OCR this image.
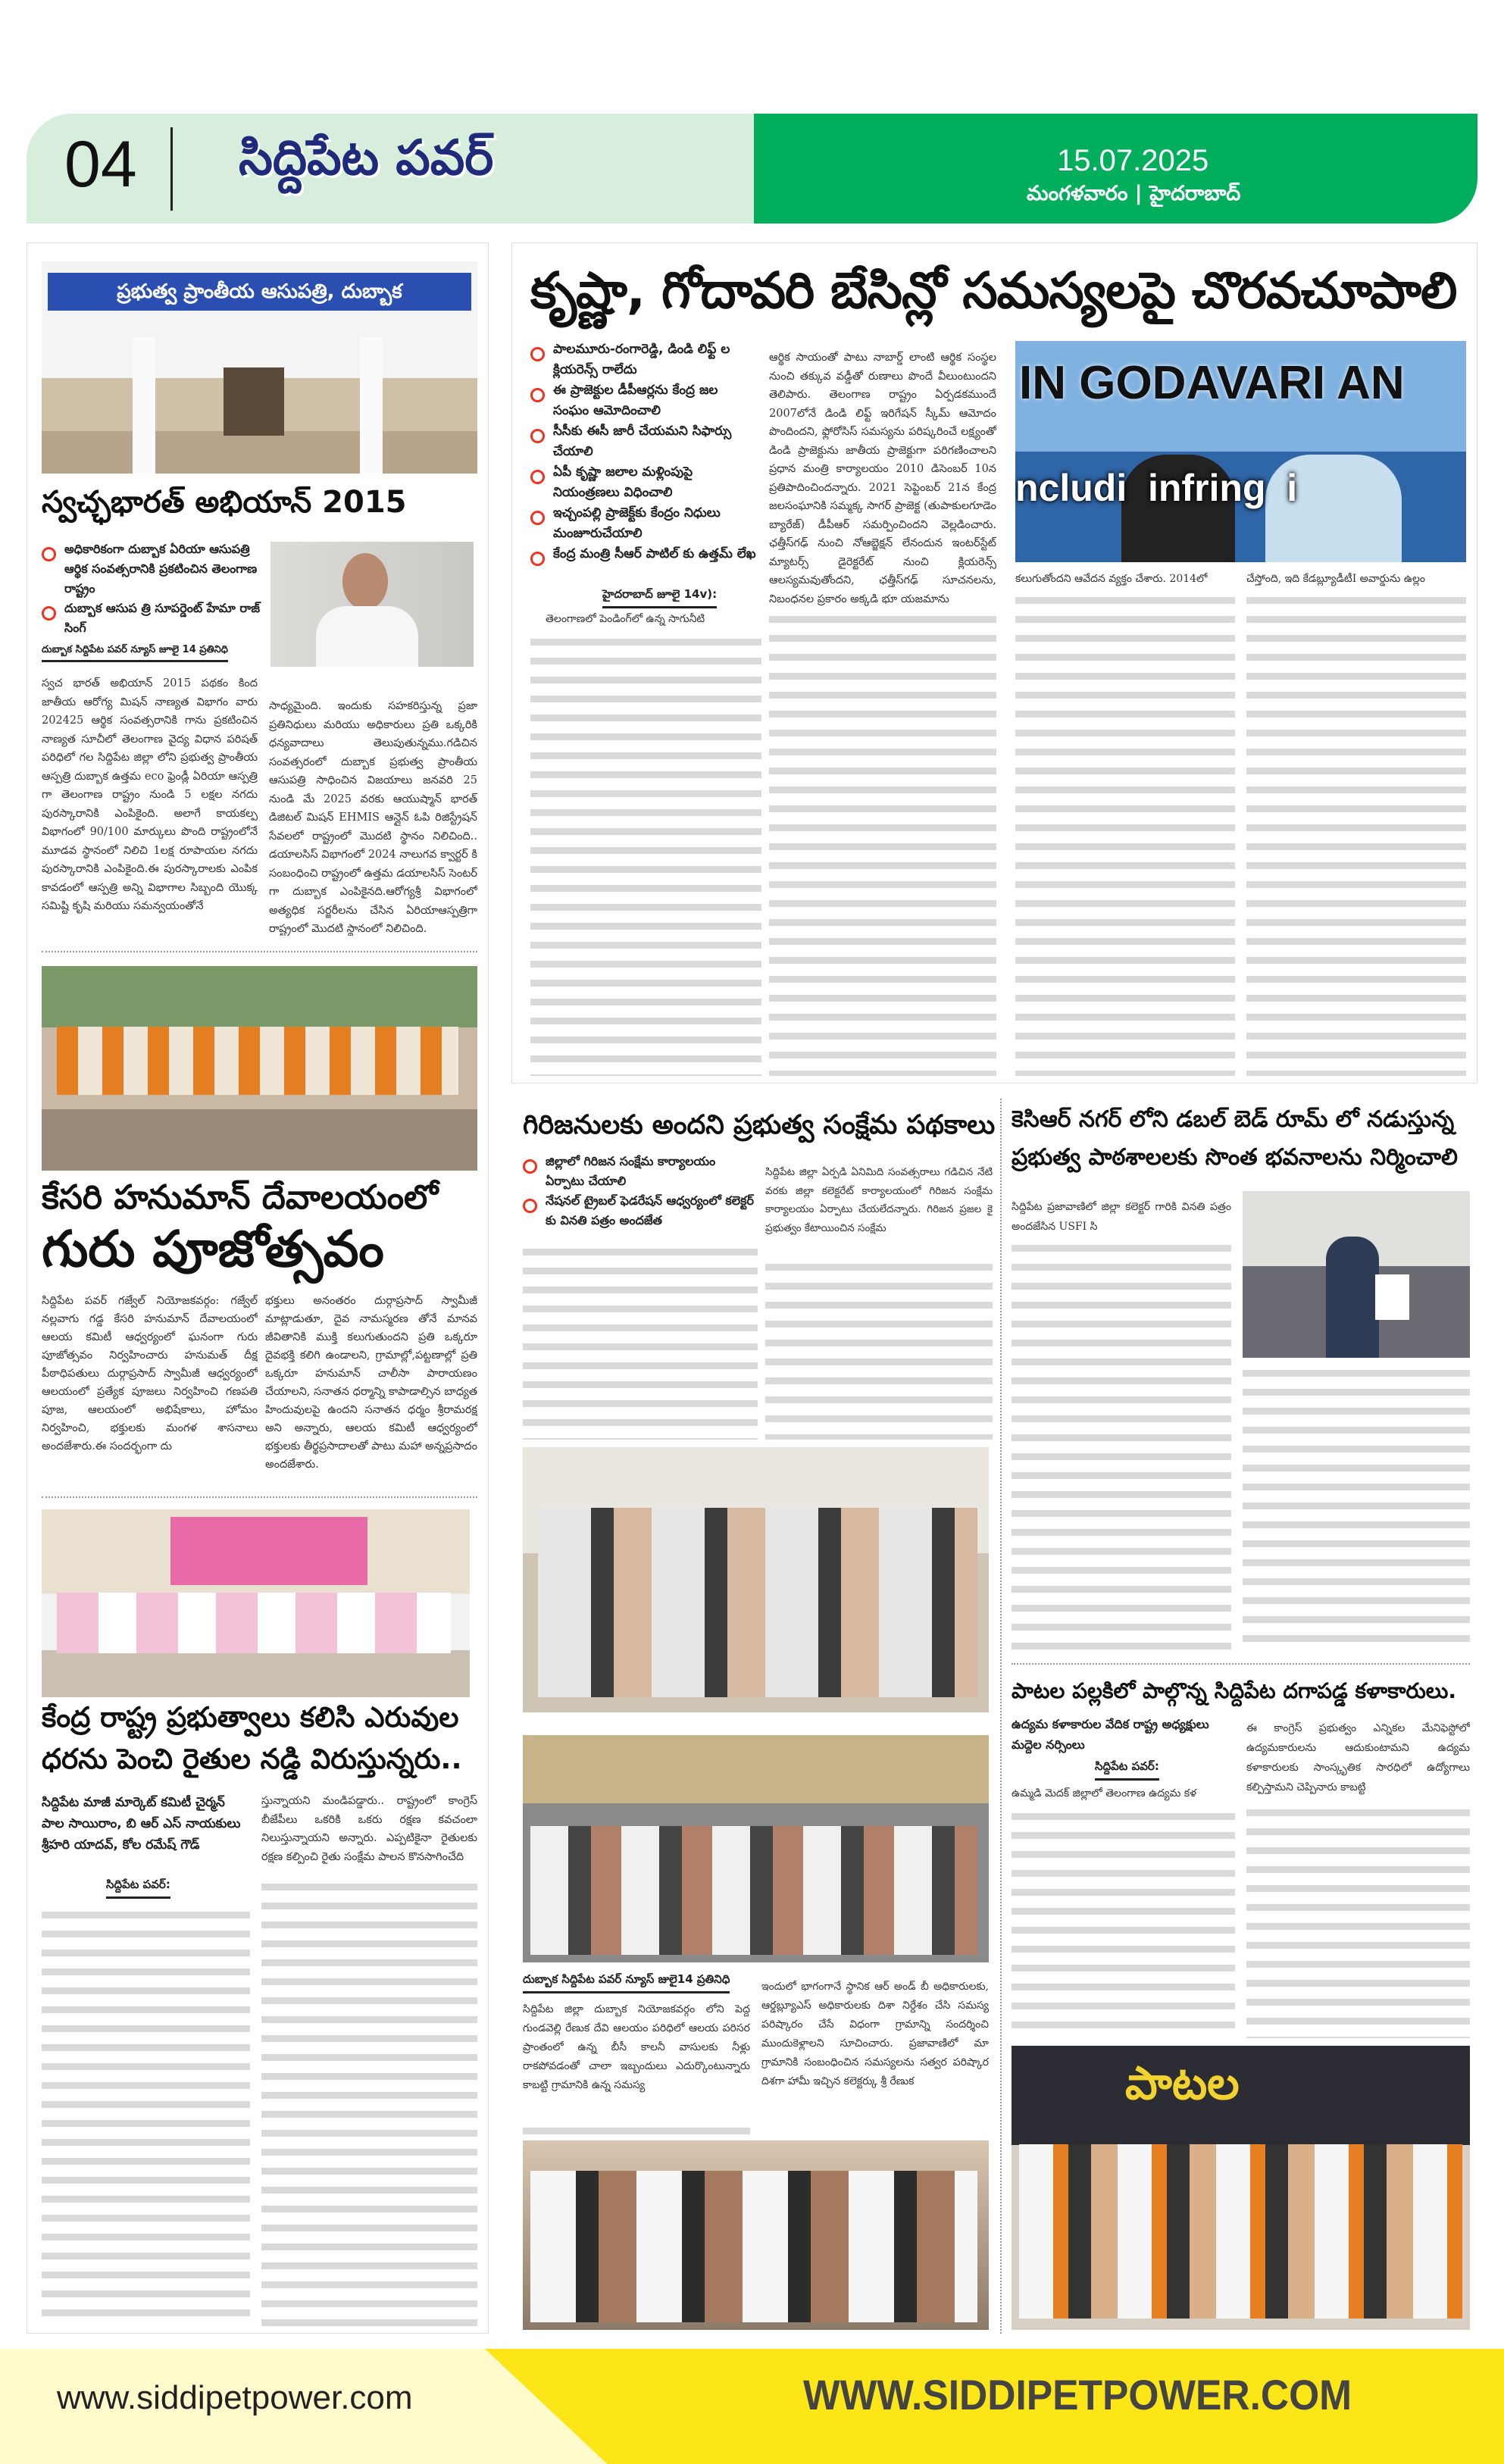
04 సిద్దిపేట పవర్	15.07.2025
మంగళవారం | హైదరాబాద్
ప్రభుత్వ ప్రాంతీయ ఆసుపత్రి, దుబ్బాక
స్వచ్ఛభారత్ అభియాన్ 2015
అధికారికంగా దుబ్బాక ఏరియా ఆసుపత్రి ఆర్థిక సంవత్సరానికి ప్రకటించిన తెలంగాణ రాష్ట్రం
దుబ్బాక ఆసుప త్రి సూపర్డెంట్ హేమా రాజ్ సింగ్
దుబ్బాక సిద్దిపేట పవర్ న్యూస్ జూలై 14 ప్రతినిధి
స్వచ భారత్ అభియాన్ 2015 పథకం కింద జాతీయ ఆరోగ్య మిషన్ నాణ్యత విభాగం వారు 202425 ఆర్థిక సంవత్సరానికి గాను ప్రకటించిన నాణ్యత సూచీలో తెలంగాణ వైద్య విధాన పరిషత్ పరిధిలో గల సిద్దిపేట జిల్లా లోని ప్రభుత్వ ప్రాంతీయ ఆస్పత్రి దుబ్బాక ఉత్తమ eco ఫ్రెండ్లీ ఏరియా ఆస్పత్రి గా తెలంగాణ రాష్ట్రం నుండి 5 లక్షల నగదు పురస్కారానికి ఎంపికైంది. అలాగే కాయకల్ప విభాగంలో 90/100 మార్కులు పొంది రాష్ట్రంలోనే మూడవ స్థానంలో నిలిచి 1లక్ష రూపాయల నగదు పురస్కారానికి ఎంపికైంది.ఈ పురస్కారాలకు ఎంపిక కావడంలో ఆస్పత్రి అన్ని విభాగాల సిబ్బంది యొక్క సమిష్టి కృషి మరియు సమన్వయంతోనే
సాధ్యమైంది. ఇందుకు సహకరిస్తున్న ప్రజా ప్రతినిధులు మరియు అధికారులు ప్రతి ఒక్కరికి ధన్యవాదాలు తెలుపుతున్నము.గడిచిన సంవత్సరంలో దుబ్బాక ప్రభుత్వ ప్రాంతీయ ఆసుపత్రి సాధించిన విజయాలు జనవరి 25 నుండి మే 2025 వరకు ఆయుష్మాన్ భారత్ డిజిటల్ మిషన్ EHMIS ఆన్లైన్ ఓపి రిజిస్ట్రేషన్ సేవలలో రాష్ట్రంలో మొదటి స్థానం నిలిచింది.. డయాలసిస్ విభాగంలో 2024 నాలుగవ క్వార్టర్ కి సంబంధించి రాష్ట్రంలో ఉత్తమ డయాలసిస్ సెంటర్ గా దుబ్బాక ఎంపికైనది.ఆరోగ్యశ్రీ విభాగంలో అత్యధిక సర్జరీలను చేసిన ఏరియాఆస్పత్రిగా రాష్ట్రంలో మొదటి స్థానంలో నిలిచింది.
కేసరి హనుమాన్ దేవాలయంలో
గురు పూజోత్సవం
సిద్దిపేట పవర్ గజ్వేల్ నియోజకవర్గం: గజ్వేల్ నల్లవాగు గడ్డ కేసరి హనుమాన్ దేవాలయంలో ఆలయ కమిటీ ఆధ్వర్యంలో ఘనంగా గురు పూజోత్సవం నిర్వహించారు హనుమత్ దీక్ష పీఠాధిపతులు దుర్గాప్రసాద్ స్వామీజీ ఆధ్వర్యంలో ఆలయంలో ప్రత్యేక పూజలు నిర్వహించి గణపతి పూజ, ఆలయంలో అభిషేకాలు, హోమం నిర్వహించి, భక్తులకు మంగళ శాసనాలు అందజేశారు.ఈ సందర్భంగా దు
భక్తులు అనంతరం దుర్గాప్రసాద్ స్వామీజీ మాట్లాడుతూ, దైవ నామస్మరణ తోనే మానవ జీవితానికి ముక్తి కలుగుతుందని ప్రతి ఒక్కరూ దైవభక్తి కలిగి ఉండాలని, గ్రామాల్లో,పట్టణాల్లో ప్రతి ఒక్కరూ హనుమాన్ చాలీసా పారాయణం చేయాలని, సనాతన ధర్మాన్ని కాపాడాల్సిన బాధ్యత హిందువులపై ఉందని సనాతన ధర్మం శ్రీరామరక్ష అని అన్నారు, ఆలయ కమిటీ ఆధ్వర్యంలో భక్తులకు తీర్థప్రసాదాలతో పాటు మహా అన్నప్రసాదం అందజేశారు.
కేంద్ర రాష్ట్ర ప్రభుత్వాలు కలిసి ఎరువుల
ధరను పెంచి రైతుల నడ్డి విరుస్తున్నరు..
సిద్దిపేట మాజీ మార్కెట్ కమిటీ చైర్మన్ పాల సాయిరాం, బి ఆర్ ఎస్ నాయకులు శ్రీహరి యాదవ్, కోల రమేష్ గౌడ్
సిద్దిపేట పవర్:
స్తున్నాయని మండిపడ్డారు.. రాష్ట్రంలో కాంగ్రెస్ బీజేపీలు ఒకరికి ఒకరు రక్షణ కవచంలా నిలుస్తున్నాయని అన్నారు. ఎప్పటికైనా రైతులకు రక్షణ కల్పించి రైతు సంక్షేమ పాలన కొనసాగించేది
కృష్ణా, గోదావరి బేసిన్లో సమస్యలపై చొరవచూపాలి
పాలమూరు-రంగారెడ్డి, డిండి లిఫ్ట్ ల క్లియరెన్స్ రాలేదు
ఈ ప్రాజెక్టుల డీపీఆర్లను కేంద్ర జల సంఘం ఆమోదించాలి
సీసీకు ఈసీ జారీ చేయమని సిఫార్సు చేయాలి
ఏపీ కృష్ణా జలాల మళ్లింపుపై నియంత్రణలు విధించాలి
ఇచ్చంపల్లి ప్రాజెక్ట్‌కు కేంద్రం నిధులు మంజూరుచేయాలి
కేంద్ర మంత్రి సీఆర్ పాటిల్ కు ఉత్తమ్ లేఖ
హైదరాబాద్ జూలై 14v):
తెలంగాణలో పెండింగ్‌లో ఉన్న సాగునీటి
ఆర్థిక సాయంతో పాటు నాబార్డ్ లాంటి ఆర్థిక సంస్థల నుంచి తక్కువ వడ్డీతో రుణాలు పొందే వీలుంటుందని తెలిపారు. తెలంగాణ రాష్ట్రం ఏర్పడకముందే 2007లోనే డిండి లిఫ్ట్ ఇరిగేషన్ స్కీమ్ ఆమోదం పొందిందని, ఫ్లోరోసిస్ సమస్యను పరిష్కరించే లక్ష్యంతో డిండి ప్రాజెక్టును జాతీయ ప్రాజెక్టుగా పరిగణించాలని ప్రధాన మంత్రి కార్యాలయం 2010 డిసెంబర్ 10న ప్రతిపాదించిందన్నారు. 2021 సెప్టెంబర్ 21న కేంద్ర జలసంఘానికి సమ్మక్క సాగర్ ప్రాజెక్ట (తుపాకులగూడెం బ్యారేజ్) డీపీఆర్ సమర్పించిందని వెల్లడించారు. ఛత్తీస్‌గఢ్ నుంచి నోఆబ్జెక్షన్ లేనందున ఇంటర్‌స్టేట్ మ్యాటర్స్ డైరెక్టరేట్ నుంచి క్లియరెన్స్ ఆలస్యమవుతోందని, ఛత్తీస్‌గఢ్ సూచనలను, నిబంధనల ప్రకారం అక్కడి భూ యజమాను
IN GODAVARI AN
ncludi  infring  i
కలుగుతోందని ఆవేదన వ్యక్తం చేశారు. 2014లో	చేస్తోంది, ఇది కేడబ్ల్యూడీటీI అవార్డును ఉల్లం
గిరిజనులకు అందని ప్రభుత్వ సంక్షేమ పథకాలు
జిల్లాలో గిరిజన సంక్షేమ కార్యాలయం ఏర్పాటు చేయాలి
నేషనల్ ట్రైబల్ ఫెడరేషన్ ఆధ్వర్యంలో కలెక్టర్ కు వినతి పత్రం అందజేత
సిద్దిపేట జిల్లా ఏర్పడి ఏనిమిది సంవత్సరాలు గడిచిన నేటి వరకు జిల్లా కలెక్టరేట్ కార్యాలయంలో గిరిజన సంక్షేమ కార్యాలయం ఏర్పాటు చేయలేదన్నారు. గిరిజన ప్రజల కై ప్రభుత్వం కేటాయించిన సంక్షేమ
దుబ్బాక సిద్దిపేట పవర్ న్యూస్ జులై14 ప్రతినిధి
సిద్దిపేట జిల్లా దుబ్బాక నియోజకవర్గం లోని పెద్ద గుండవెల్లి రేణుక దేవి ఆలయం పరిధిలో ఆలయ పరిసర ప్రాంతంలో ఉన్న బీసీ కాలనీ వాసులకు నీళ్లు రాకపోవడంతో చాలా ఇబ్బందులు ఎదుర్కొంటున్నారు కాబట్టి గ్రామానికి ఉన్న సమస్య
ఇందులో భాగంగానే స్థానిక ఆర్ అండ్ బీ అధికారులకు, ఆర్డబ్ల్యూఎస్ అధికారులకు దిశా నిర్దేశం చేసి సమస్య పరిష్కారం చేసే విధంగా గ్రామాన్ని సందర్శించి ముందుకెళ్లాలని సూచించారు. ప్రజావాణిలో మా గ్రామానికి సంబంధించిన సమస్యలను సత్వర పరిష్కార దిశగా హామీ ఇచ్చిన కలెక్టర్కు శ్రీ రేణుక
కెసిఆర్ నగర్ లోని డబల్ బెడ్ రూమ్ లో నడుస్తున్న
ప్రభుత్వ పాఠశాలలకు సొంత భవనాలను నిర్మించాలి
సిద్దిపేట ప్రజావాణిలో జిల్లా కలెక్టర్ గారికి వినతి పత్రం అందజేసిన USFI సి
పాటల పల్లకిలో పాల్గొన్న సిద్దిపేట దగాపడ్డ కళాకారులు.
ఉద్యమ కళాకారుల వేదిక రాష్ట్ర అధ్యక్షులు మద్దెల నర్సింలు
సిద్దిపేట పవర్:
ఉమ్మడి మెదక్ జిల్లాలో తెలంగాణ ఉద్యమ కళ
ఈ కాంగ్రెస్ ప్రభుత్వం ఎన్నికల మేనిఫెస్టోలో ఉద్యమకారులను ఆదుకుంటామని ఉద్యమ కళాకారులకు సాంస్కృతిక సారధిలో ఉద్యోగాలు కల్పిస్తామని చెప్పినారు కాబట్టి
పాటల
www.siddipetpower.com	WWW.SIDDIPETPOWER.COM
